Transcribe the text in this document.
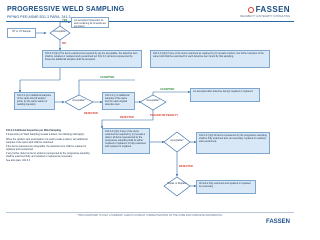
PROGRESSIVE WELD SAMPLING
PIPING PER ASME B31.3 PARA. 341.3
FASSEN
RELIABILITY & INTEGRITY CONSULTING
RT or UT Sample	Acceptable?
Acceptable?	Acceptable?
Acceptable?
Repair or Replace
Lot accepted (Inspection lot and remaining lot of welds are accepted)
341.3.4 (b)(1) The items examined as required by (a) are acceptable, the defective item shall be repaired or replaced and reexamined per 341.3.3; all items represented by these two additional samples shall be accepted.
341.3.4 (b)(2) If any of the items examined as required by (b) reveals a defect, two further samples of the same kind shall be examined for each defective item found by that sampling.
341.3.4 (a) 2 additional samples of the same kind (if welded joints, by the same welder or welding operator).
341.3.4 (c) 2 additional samples of the same kind for each original defective item.
341.3.4 (c)(1) If any of the items examined as required by (c) reveals a defect, all items represented by the progressive sampling shall be either repaired or replaced, or fully examined and repaired or replaced.
Lot accepted after defective item(s) repaired or replaced.
341.3.4 (c)(2) All items represented by the progressive sampling shall be fully examined and, as necessary, repaired or replaced and reexamined.
All items fully examined and repaired or replaced as necessary.
YES
NO
ACCEPTED
REJECTED
ACCEPTED
REJECTED
TRACER OR PENALTY
REJECTED

341.3.4 Additional Inspection per Weld Sampling

If Inspection per Weld Sampling reveals a defect, the following shall apply:

When the random spot examination of a weld reveals a defect, two additional samples of the same kind shall be examined.

If the items examined are acceptable, the defective item shall be repaired or replaced and reexamined.

If any further defect is found, all items represented by the progressive sampling shall be examined fully, and repaired or replaced as necessary.

See also para. 341.3.3.

THIS FLOWCHART IS ONLY A SUMMARY. ALWAYS CONSULT CURRENT EDITION OF THE CODE FOR COMPLETE INFORMATION.
FASSEN
